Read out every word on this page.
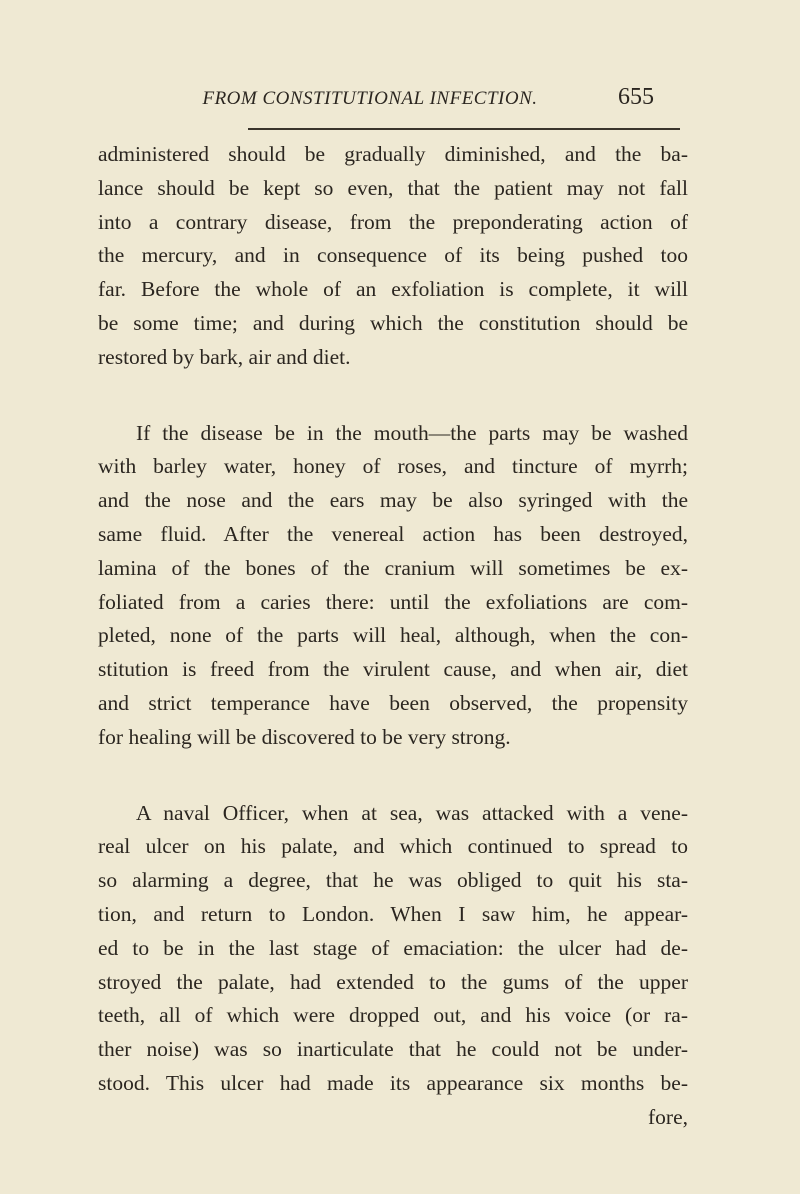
FROM CONSTITUTIONAL INFECTION.	655
administered should be gradually diminished, and the ba-
lance should be kept so even, that the patient may not fall
into a contrary disease, from the preponderating action of
the mercury, and in consequence of its being pushed too
far. Before the whole of an exfoliation is complete, it will
be some time; and during which the constitution should be
restored by bark, air and diet.
If the disease be in the mouth—the parts may be washed
with barley water, honey of roses, and tincture of myrrh;
and the nose and the ears may be also syringed with the
same fluid. After the venereal action has been destroyed,
lamina of the bones of the cranium will sometimes be ex-
foliated from a caries there: until the exfoliations are com-
pleted, none of the parts will heal, although, when the con-
stitution is freed from the virulent cause, and when air, diet
and strict temperance have been observed, the propensity
for healing will be discovered to be very strong.
A naval Officer, when at sea, was attacked with a vene-
real ulcer on his palate, and which continued to spread to
so alarming a degree, that he was obliged to quit his sta-
tion, and return to London. When I saw him, he appear-
ed to be in the last stage of emaciation: the ulcer had de-
stroyed the palate, had extended to the gums of the upper
teeth, all of which were dropped out, and his voice (or ra-
ther noise) was so inarticulate that he could not be under-
stood. This ulcer had made its appearance six months be-
fore,
